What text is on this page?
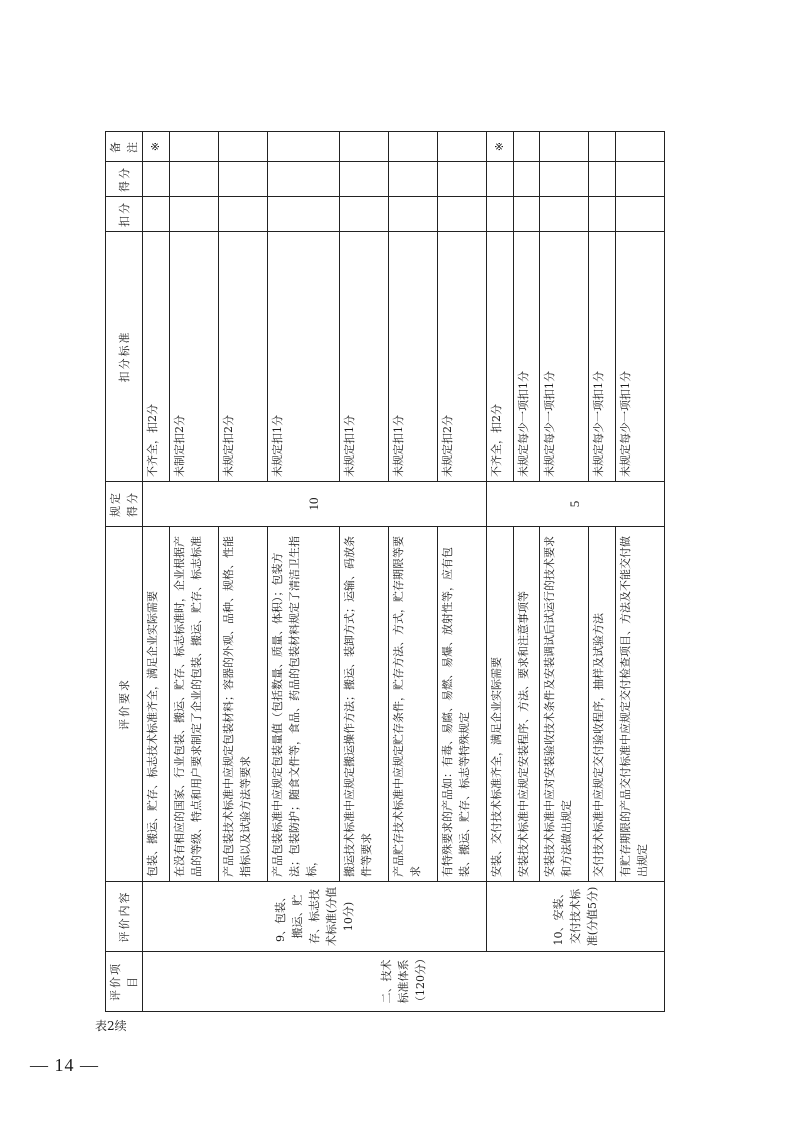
表2续
评价项目	评价内容	评价要求	规定得分	扣分标准	扣分	得分	备注
二、技术标准体系（120分）	9、包装、搬运、贮存、标志技术标准(分值10分)	包装、搬运、贮存、标志技术标准齐全，满足企业实际需要	10	不齐全，扣2分			※
		在没有相应的国家、行业包装、搬运、贮存、标志标准时，企业根据产品的等级、特点和用户要求制定了企业的包装、搬运、贮存、标志标准		未制定扣2分			
		产品包装技术标准中应规定包装材料；容器的外观、品种、规格、性能指标以及试验方法等要求		未规定扣2分			
		产品包装标准中应规定包装量值（包括数量、质量、体积）；包装方法；包装防护；随食文件等，食品、药品的包装材料规定了清洁卫生指标，		未规定扣1分			
		搬运技术标准中应规定搬运操作方法；搬运、装卸方式；运输、码放条件等要求		未规定扣1分			
		产品贮存技术标准中应规定贮存条件，贮存方法、方式，贮存期限等要求		未规定扣1分			
		有特殊要求的产品如：有毒、易腐、易燃、易爆、放射性等，应有包装、搬运、贮存、标志等特殊规定		未规定扣2分			
	10、安装、交付技术标准(分值5分)	安装、交付技术标准齐全，满足企业实际需要	5	不齐全，扣2分			※
		安装技术标准中应规定安装程序、方法、要求和注意事项等		未规定每少一项扣1分			
		安装技术标准中应对安装验收技术条件及安装调试后试运行的技术要求和方法做出规定		未规定每少一项扣1分			
		交付技术标准中应规定交付验收程序，抽样及试验方法		未规定每少一项扣1分			
		有贮存期限的产品交付标准中应规定交付检查项目、方法及不能交付做出规定		未规定每少一项扣1分			
— 14 —
